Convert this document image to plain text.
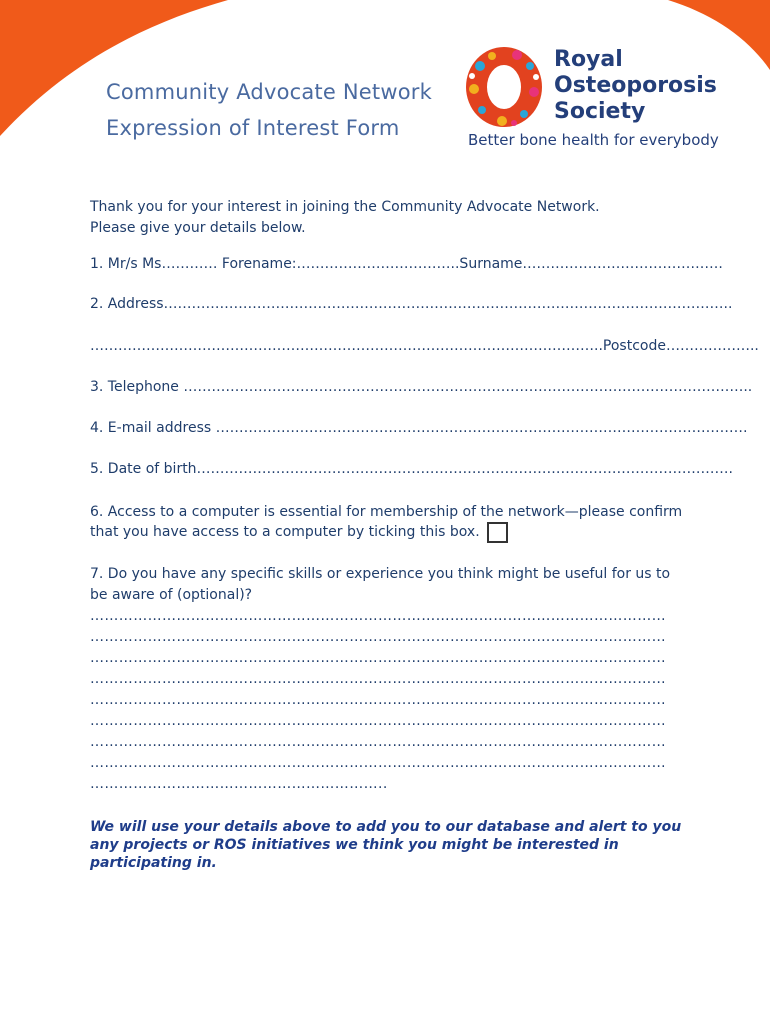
Community Advocate Network
Expression of Interest Form
Royal
Osteoporosis
Society
Better bone health for everybody
Thank you for your interest in joining the Community Advocate Network.
Please give your details below.
1. Mr/s Ms………… Forename:……………………………..Surname…………………………………….
2. Address…………………………………………………………………………………………………………..
………………………………………………………………………………………………..Postcode………………..
3. Telephone …………………………………………………………………………………………………………..
4. E-mail address ……………………………………………………………………………………………………
5. Date of birth…………………………………………………………………………………………………….
6. Access to a computer is essential for membership of the network—please confirm
that you have access to a computer by ticking this box.
7. Do you have any specific skills or experience you think might be useful for us to
be aware of (optional)?
…………………………………………………………………………………………………………
…………………………………………………………………………………………………………
…………………………………………………………………………………………………………
…………………………………………………………………………………………………………
…………………………………………………………………………………………………………
…………………………………………………………………………………………………………
…………………………………………………………………………………………………………
…………………………………………………………………………………………………………
……………………………………………………..
We will use your details above to add you to our database and alert to you any projects or ROS initiatives we think you might be interested in participating in.
